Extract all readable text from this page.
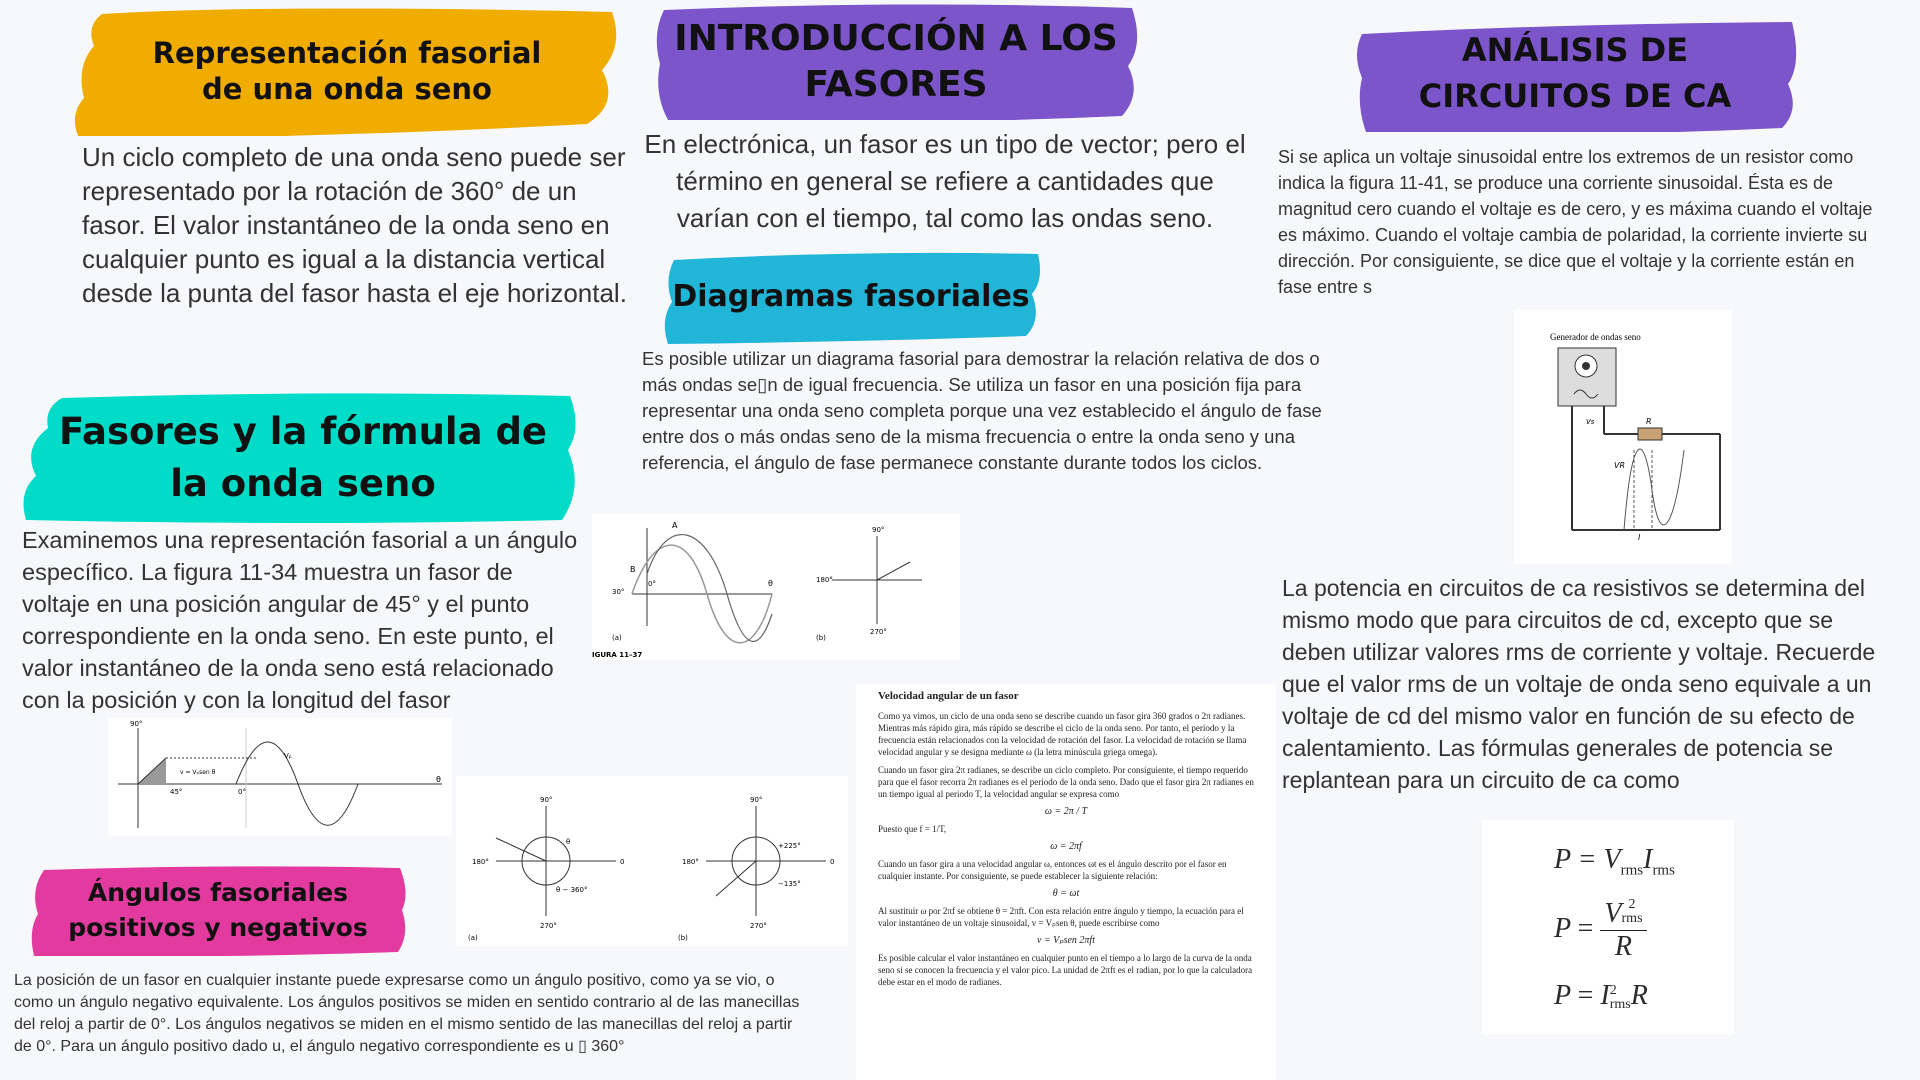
Representación fasorial de una onda seno
Un ciclo completo de una onda seno puede ser representado por la rotación de 360° de un fasor. El valor instantáneo de la onda seno en cualquier punto es igual a la distancia vertical desde la punta del fasor hasta el eje horizontal.
INTRODUCCIÓN A LOS FASORES
En electrónica, un fasor es un tipo de vector; pero el término en general se refiere a cantidades que varían con el tiempo, tal como las ondas seno.
ANÁLISIS DE CIRCUITOS DE CA
Si se aplica un voltaje sinusoidal entre los extremos de un resistor como indica la figura 11-41, se produce una corriente sinusoidal. Ésta es de magnitud cero cuando el voltaje es de cero, y es máxima cuando el voltaje es máximo. Cuando el voltaje cambia de polaridad, la corriente invierte su dirección. Por consiguiente, se dice que el voltaje y la corriente están en fase entre s
Diagramas fasoriales
Es posible utilizar un diagrama fasorial para demostrar la relación relativa de dos o más ondas se▯n de igual frecuencia. Se utiliza un fasor en una posición fija para representar una onda seno completa porque una vez establecido el ángulo de fase entre dos o más ondas seno de la misma frecuencia o entre la onda seno y una referencia, el ángulo de fase permanece constante durante todos los ciclos.
Fasores y la fórmula de la onda seno
Examinemos una representación fasorial a un ángulo específico. La figura 11-34 muestra un fasor de voltaje en una posición angular de 45° y el punto correspondiente en la onda seno. En este punto, el valor instantáneo de la onda seno está relacionado con la posición y con la longitud del fasor
Ángulos fasoriales positivos y negativos
La posición de un fasor en cualquier instante puede expresarse como un ángulo positivo, como ya se vio, o como un ángulo negativo equivalente. Los ángulos positivos se miden en sentido contrario al de las manecillas del reloj a partir de 0°. Los ángulos negativos se miden en el mismo sentido de las manecillas del reloj a partir de 0°. Para un ángulo positivo dado u, el ángulo negativo correspondiente es u ▯ 360°
A
B
0°
30°
θ
90°
180°
270°
(a)	(b)
IGURA 11–37
90°
45°	0°
v = Vₚsen θ
Vₚ
θ
90°
180°	0
270°
θ
θ − 360°
(a)
90°
180°	0
270°
+225°
−135°
(b)
Velocidad angular de un fasor

Como ya vimos, un ciclo de una onda seno se describe cuando un fasor gira 360 grados o 2π radianes. Mientras más rápido gira, más rápido se describe el ciclo de la onda seno. Por tanto, el periodo y la frecuencia están relacionados con la velocidad de rotación del fasor. La velocidad de rotación se llama velocidad angular y se designa mediante ω (la letra minúscula griega omega).

Cuando un fasor gira 2π radianes, se describe un ciclo completo. Por consiguiente, el tiempo requerido para que el fasor recorra 2π radianes es el periodo de la onda seno. Dado que el fasor gira 2π radianes en un tiempo igual al periodo T, la velocidad angular se expresa como

ω = 2π / T

Puesto que f = 1/T,

ω = 2πf

Cuando un fasor gira a una velocidad angular ω, entonces ωt es el ángulo descrito por el fasor en cualquier instante. Por consiguiente, se puede establecer la siguiente relación:

θ = ωt

Al sustituir ω por 2πf se obtiene θ = 2πft. Con esta relación entre ángulo y tiempo, la ecuación para el valor instantáneo de un voltaje sinusoidal, v = Vₚsen θ, puede escribirse como

v = Vₚsen 2πft

Es posible calcular el valor instantáneo en cualquier punto en el tiempo a lo largo de la curva de la onda seno si se conocen la frecuencia y el valor pico. La unidad de 2πft es el radian, por lo que la calculadora debe estar en el modo de radianes.

Generador de ondas seno
R
Vs
VR
I
La potencia en circuitos de ca resistivos se determina del mismo modo que para circuitos de cd, excepto que se deben utilizar valores rms de corriente y voltaje. Recuerde que el valor rms de un voltaje de onda seno equivale a un voltaje de cd del mismo valor en función de su efecto de calentamiento. Las fórmulas generales de potencia se replantean para un circuito de ca como
$P = V_{rms}I_{rms}$
P = V 2
rms
R
P = I 2
rms R
